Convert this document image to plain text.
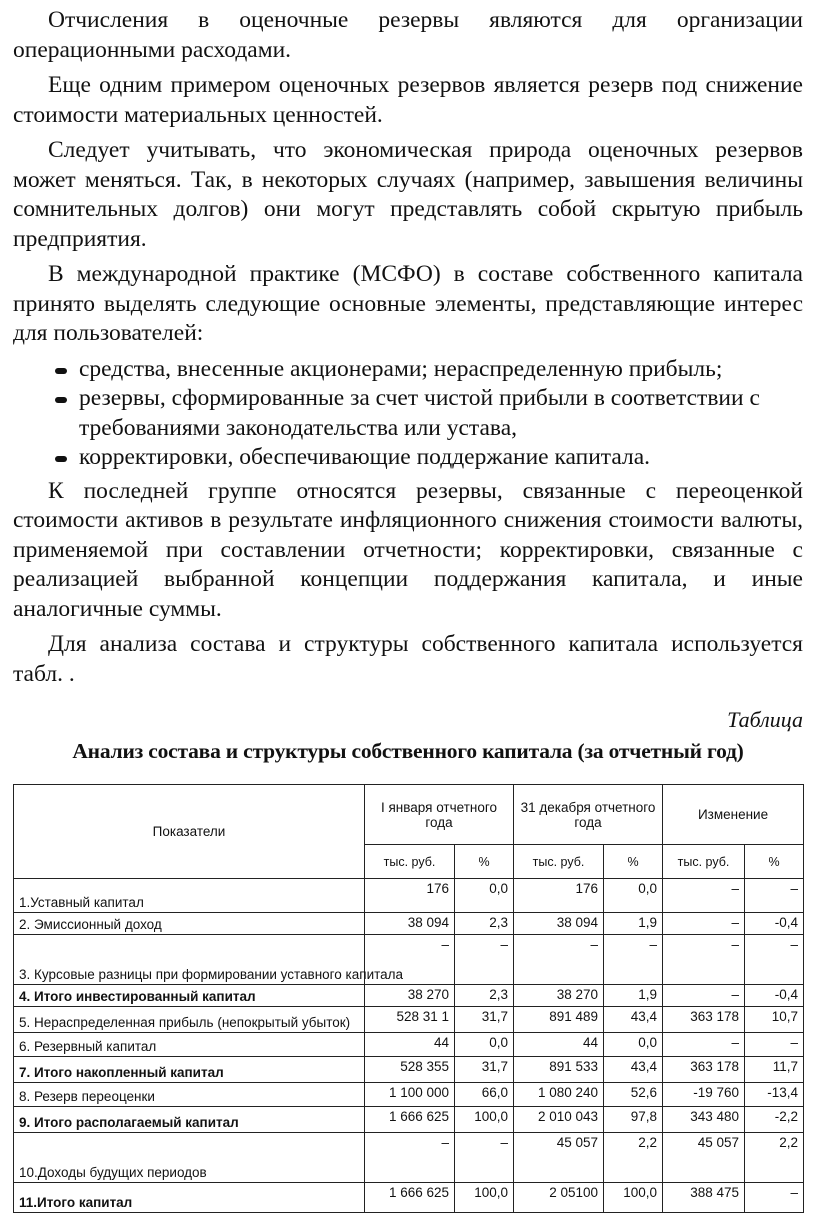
Отчисления в оценочные резервы являются для организации операционными расходами.

Еще одним примером оценочных резервов является резерв под снижение стоимости материальных ценностей.

Следует учитывать, что экономическая природа оценочных резервов может меняться. Так, в некоторых случаях (например, завышения величины сомнительных долгов) они могут представлять собой скрытую прибыль предприятия.

В международной практике (МСФО) в составе собственного капитала принято выделять следующие основные элементы, представляющие интерес для пользователей:

средства, внесенные акционерами; нераспределенную прибыль;
резервы, сформированные за счет чистой прибыли в соответствии с требованиями законодательства или устава,
корректировки, обеспечивающие поддержание капитала.

К последней группе относятся резервы, связанные с переоценкой стоимости активов в результате инфляционного снижения стоимости валюты, применяемой при составлении отчетности; корректировки, связанные с реализацией выбранной концепции поддержания капитала, и иные аналогичные суммы.

Для анализа состава и структуры собственного капитала используется табл. .

Таблица
Анализ состава и структуры собственного капитала (за отчетный год)
Показатели	I января отчетного года		31 декабря отчетного года		Изменение	
	тыс. руб.	%	тыс. руб.	%	тыс. руб.	%
1.Уставный капитал	176	0,0	176	0,0	–	–
2. Эмиссионный доход	38 094	2,3	38 094	1,9	–	-0,4
3. Курсовые разницы при формировании уставного капитала	–	–	–	–	–	–
4. Итого инвестированный капитал	38 270	2,3	38 270	1,9	–	-0,4
5. Нераспределенная прибыль (непокрытый убыток)	528 31 1	31,7	891 489	43,4	363 178	10,7
6. Резервный капитал	44	0,0	44	0,0	–	–
7. Итого накопленный капитал	528 355	31,7	891 533	43,4	363 178	11,7
8. Резерв переоценки	1 100 000	66,0	1 080 240	52,6	-19 760	-13,4
9. Итого располагаемый капитал	1 666 625	100,0	2 010 043	97,8	343 480	-2,2
10.Доходы будущих периодов	–	–	45 057	2,2	45 057	2,2
11.Итого капитал	1 666 625	100,0	2 05100	100,0	388 475	–
